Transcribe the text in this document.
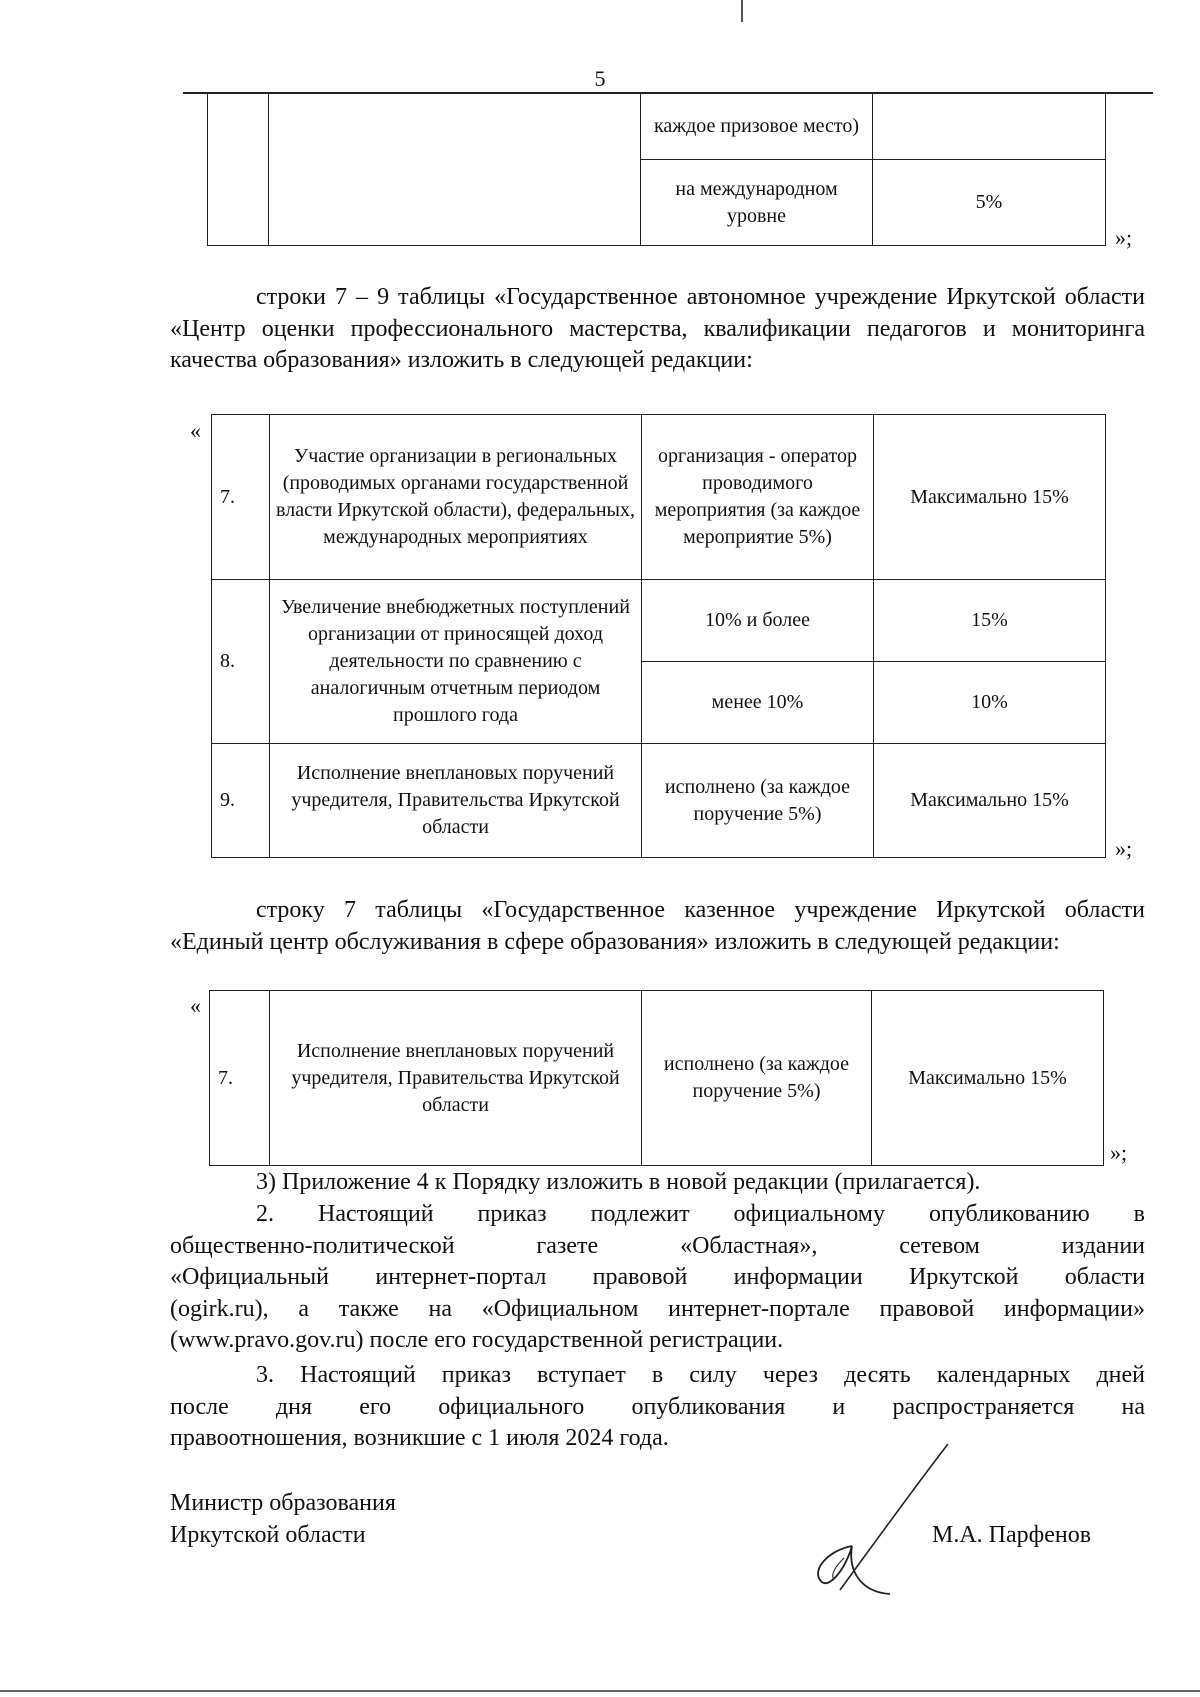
5
		каждое призовое место)	
		на международном уровне	5%
»;
строки 7 – 9 таблицы «Государственное автономное учреждение Иркутской области «Центр оценки профессионального мастерства, квалификации педагогов и мониторинга качества образования» изложить в следующей редакции:
«
7.	Участие организации в региональных (проводимых органами государственной власти Иркутской области), федеральных, международных мероприятиях	организация - оператор проводимого мероприятия (за каждое мероприятие 5%)	Максимально 15%
8.	Увеличение внебюджетных поступлений организации от приносящей доход деятельности по сравнению с аналогичным отчетным периодом прошлого года	10% и более	15%
		менее 10%	10%
9.	Исполнение внеплановых поручений учредителя, Правительства Иркутской области	исполнено (за каждое поручение 5%)	Максимально 15%
»;
строку 7 таблицы «Государственное казенное учреждение Иркутской области «Единый центр обслуживания в сфере образования» изложить в следующей редакции:
«
7.	Исполнение внеплановых поручений учредителя, Правительства Иркутской области	исполнено (за каждое поручение 5%)	Максимально 15%
»;
3) Приложение 4 к Порядку изложить в новой редакции (прилагается).
2. Настоящий приказ подлежит официальному опубликованию в
общественно-политической газете «Областная», сетевом издании
«Официальный интернет-портал правовой информации Иркутской области
(ogirk.ru), а также на «Официальном интернет-портале правовой информации»
(www.pravo.gov.ru) после его государственной регистрации.
3. Настоящий приказ вступает в силу через десять календарных дней
после дня его официального опубликования и распространяется на
правоотношения, возникшие с 1 июля 2024 года.
Министр образования
Иркутской области	М.А. Парфенов
